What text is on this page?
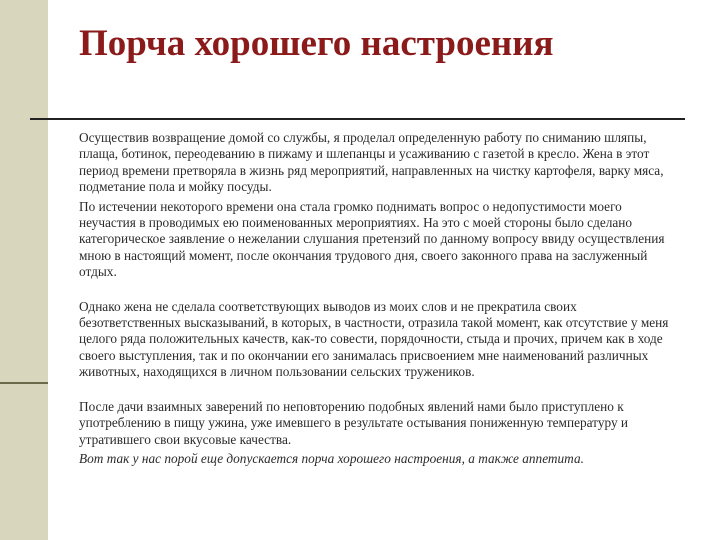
Порча хорошего настроения

Осуществив возвращение домой со службы, я проделал определенную работу по сниманию шляпы, плаща, ботинок, переодеванию в пижаму и шлепанцы и усаживанию с газетой в кресло. Жена в этот период времени претворяла в жизнь ряд мероприятий, направленных на чистку картофеля, варку мяса, подметание пола и мойку посуды.

По истечении некоторого времени она стала громко поднимать вопрос о недопустимости моего неучастия в проводимых ею поименованных мероприятиях. На это с моей стороны было сделано категорическое заявление о нежелании слушания претензий по данному вопросу ввиду осуществления мною в настоящий момент, после окончания трудового дня, своего законного права на заслуженный отдых.

Однако жена не сделала соответствующих выводов из моих слов и не прекратила своих безответственных высказываний, в которых, в частности, отразила такой момент, как отсутствие у меня целого ряда положительных качеств, как-то совести, порядочности, стыда и прочих, причем как в ходе своего выступления, так и по окончании его занималась присвоением мне наименований различных животных, находящихся в личном пользовании сельских тружеников.

После дачи взаимных заверений по неповторению подобных явлений нами было приступлено к употреблению в пищу ужина, уже имевшего в результате остывания пониженную температуру и утратившего свои вкусовые качества.

Вот так у нас порой еще допускается порча хорошего настроения, а также аппетита.
